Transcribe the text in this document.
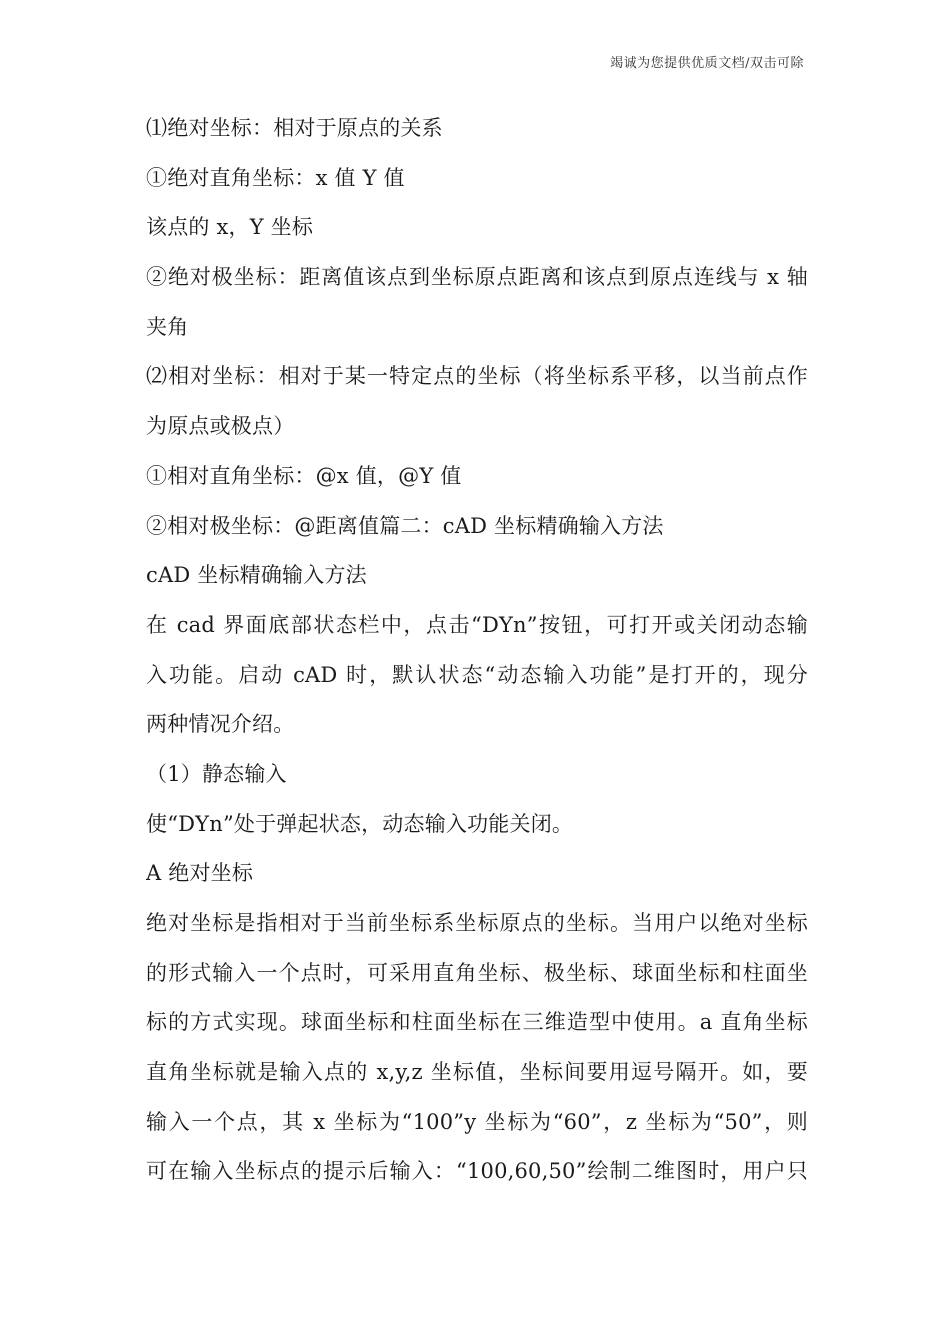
竭诚为您提供优质文档/双击可除
⑴绝对坐标：相对于原点的关系
①绝对直角坐标：x 值 Y 值
该点的 x，Y 坐标
②绝对极坐标：距离值该点到坐标原点距离和该点到原点连线与 x 轴
夹角
⑵相对坐标：相对于某一特定点的坐标（将坐标系平移，以当前点作
为原点或极点）
①相对直角坐标：@x 值，@Y 值
②相对极坐标：@距离值篇二：cAD 坐标精确输入方法
cAD 坐标精确输入方法
在 cad 界面底部状态栏中，点击“DYn”按钮，可打开或关闭动态输
入功能。启动 cAD 时，默认状态“动态输入功能”是打开的，现分
两种情况介绍。
（1）静态输入
使“DYn”处于弹起状态，动态输入功能关闭。
A 绝对坐标
绝对坐标是指相对于当前坐标系坐标原点的坐标。当用户以绝对坐标
的形式输入一个点时，可采用直角坐标、极坐标、球面坐标和柱面坐
标的方式实现。球面坐标和柱面坐标在三维造型中使用。a 直角坐标
直角坐标就是输入点的 x,y,z 坐标值，坐标间要用逗号隔开。如，要
输入一个点，其 x 坐标为“100”y 坐标为“60”，z 坐标为“50”，则
可在输入坐标点的提示后输入：“100,60,50”绘制二维图时，用户只
